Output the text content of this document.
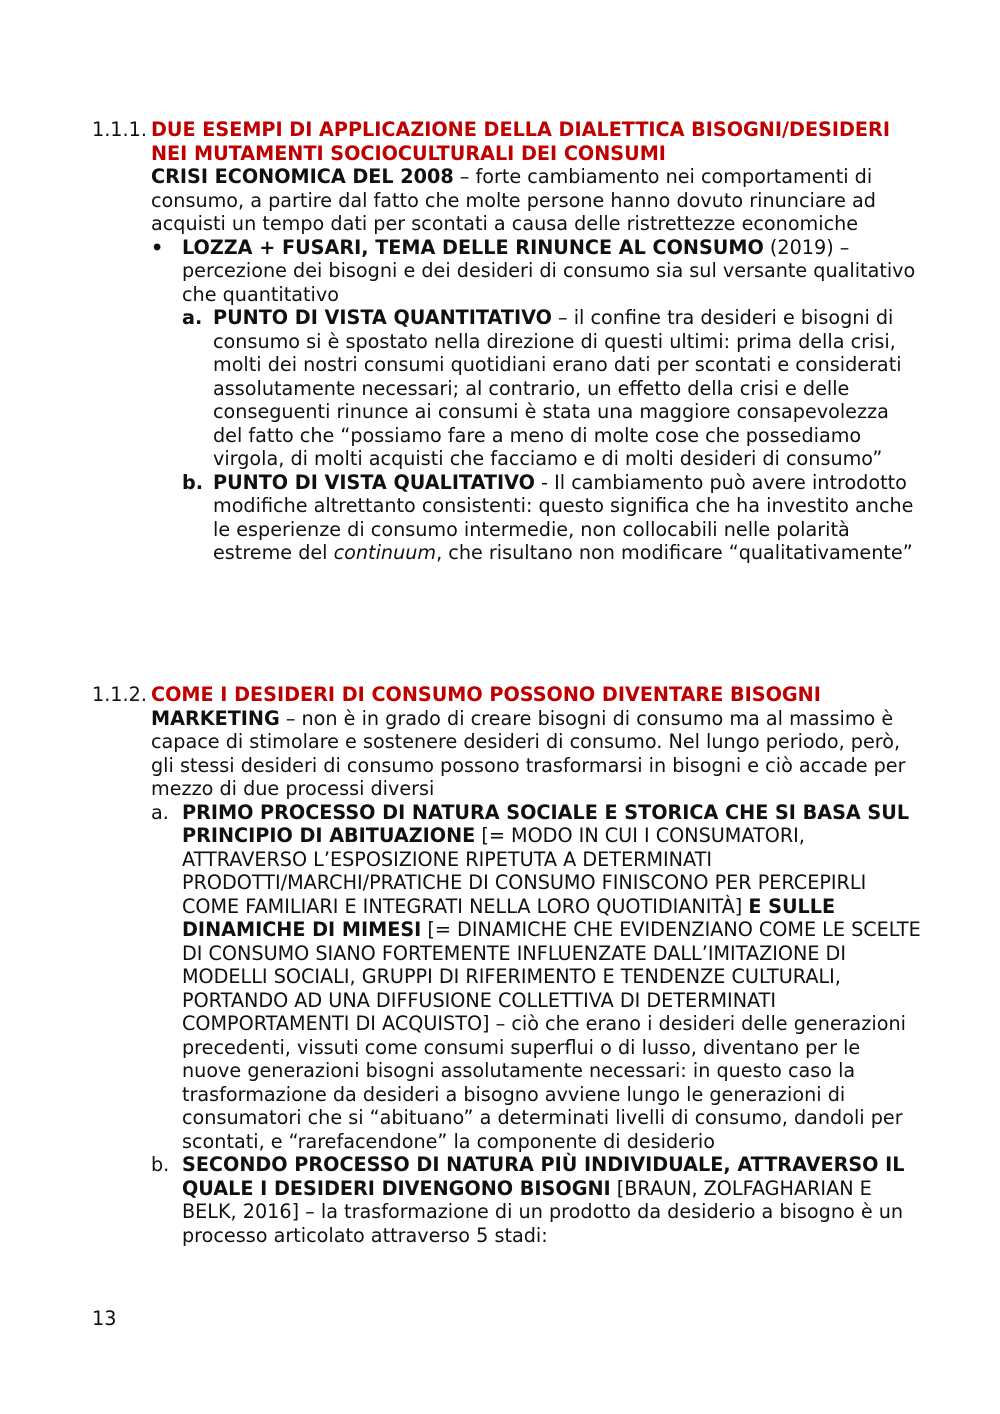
1.1.1. DUE ESEMPI DI APPLICAZIONE DELLA DIALETTICA BISOGNI/DESIDERI NEI MUTAMENTI SOCIOCULTURALI DEI CONSUMI
CRISI ECONOMICA DEL 2008 – forte cambiamento nei comportamenti di consumo, a partire dal fatto che molte persone hanno dovuto rinunciare ad acquisti un tempo dati per scontati a causa delle ristrettezze economiche
• LOZZA + FUSARI, TEMA DELLE RINUNCE AL CONSUMO (2019) – percezione dei bisogni e dei desideri di consumo sia sul versante qualitativo che quantitativo
a. PUNTO DI VISTA QUANTITATIVO – il confine tra desideri e bisogni di consumo si è spostato nella direzione di questi ultimi: prima della crisi, molti dei nostri consumi quotidiani erano dati per scontati e considerati assolutamente necessari; al contrario, un effetto della crisi e delle conseguenti rinunce ai consumi è stata una maggiore consapevolezza del fatto che “possiamo fare a meno di molte cose che possediamo virgola, di molti acquisti che facciamo e di molti desideri di consumo”
b. PUNTO DI VISTA QUALITATIVO - Il cambiamento può avere introdotto modifiche altrettanto consistenti: questo significa che ha investito anche le esperienze di consumo intermedie, non collocabili nelle polarità estreme del continuum, che risultano non modificare “qualitativamente”
1.1.2. COME I DESIDERI DI CONSUMO POSSONO DIVENTARE BISOGNI
MARKETING – non è in grado di creare bisogni di consumo ma al massimo è capace di stimolare e sostenere desideri di consumo. Nel lungo periodo, però, gli stessi desideri di consumo possono trasformarsi in bisogni e ciò accade per mezzo di due processi diversi
a. PRIMO PROCESSO DI NATURA SOCIALE E STORICA CHE SI BASA SUL PRINCIPIO DI ABITUAZIONE [= MODO IN CUI I CONSUMATORI, ATTRAVERSO L’ESPOSIZIONE RIPETUTA A DETERMINATI PRODOTTI/MARCHI/PRATICHE DI CONSUMO FINISCONO PER PERCEPIRLI COME FAMILIARI E INTEGRATI NELLA LORO QUOTIDIANITÀ] E SULLE DINAMICHE DI MIMESI [= DINAMICHE CHE EVIDENZIANO COME LE SCELTE DI CONSUMO SIANO FORTEMENTE INFLUENZATE DALL’IMITAZIONE DI MODELLI SOCIALI, GRUPPI DI RIFERIMENTO E TENDENZE CULTURALI, PORTANDO AD UNA DIFFUSIONE COLLETTIVA DI DETERMINATI COMPORTAMENTI DI ACQUISTO] – ciò che erano i desideri delle generazioni precedenti, vissuti come consumi superflui o di lusso, diventano per le nuove generazioni bisogni assolutamente necessari: in questo caso la trasformazione da desideri a bisogno avviene lungo le generazioni di consumatori che si “abituano” a determinati livelli di consumo, dandoli per scontati, e “rarefacendone” la componente di desiderio
b. SECONDO PROCESSO DI NATURA PIÙ INDIVIDUALE, ATTRAVERSO IL QUALE I DESIDERI DIVENGONO BISOGNI [BRAUN, ZOLFAGHARIAN E BELK, 2016] – la trasformazione di un prodotto da desiderio a bisogno è un processo articolato attraverso 5 stadi:
13
